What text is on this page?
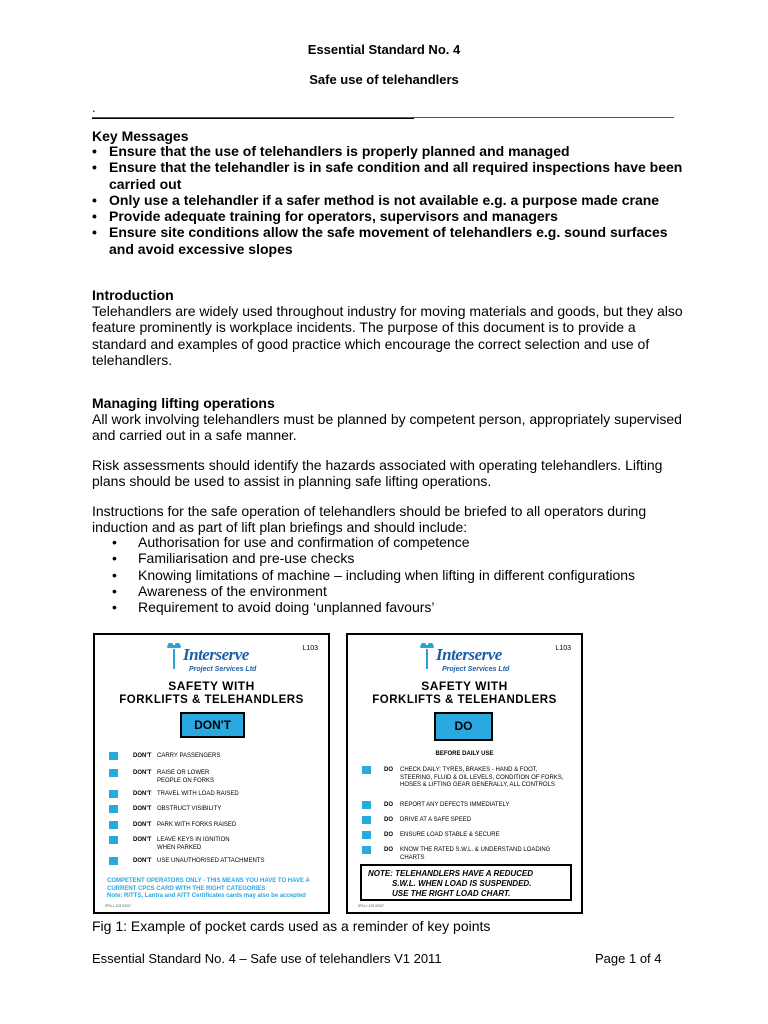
Essential Standard No. 4
Safe use of telehandlers
.
Key Messages
• Ensure that the use of telehandlers is properly planned and managed
• Ensure that the telehandler is in safe condition and all required inspections have been carried out
• Only use a telehandler if a safer method is not available e.g. a purpose made crane
• Provide adequate training for operators, supervisors and managers
• Ensure site conditions allow the safe movement of telehandlers e.g. sound surfaces and avoid excessive slopes
Introduction
Telehandlers are widely used throughout industry for moving materials and goods, but they also feature prominently is workplace incidents. The purpose of this document is to provide a standard and examples of good practice which encourage the correct selection and use of telehandlers.
Managing lifting operations
All work involving telehandlers must be planned by competent person, appropriately supervised and carried out in a safe manner.
Risk assessments should identify the hazards associated with operating telehandlers. Lifting plans should be used to assist in planning safe lifting operations.
Instructions for the safe operation of telehandlers should be briefed to all operators during induction and as part of lift plan briefings and should include:
• Authorisation for use and confirmation of competence
• Familiarisation and pre-use checks
• Knowing limitations of machine – including when lifting in different configurations
• Awareness of the environment
• Requirement to avoid doing ‘unplanned favours’
L103
Interserve
Project Services Ltd
SAFETY WITH
FORKLIFTS & TELEHANDLERS
DON'T
DON'T CARRY PASSENGERS
DON'T RAISE OR LOWER PEOPLE ON FORKS
DON'T TRAVEL WITH LOAD RAISED
DON'T OBSTRUCT VISIBILITY
DON'T PARK WITH FORKS RAISED
DON'T LEAVE KEYS IN IGNITION WHEN PARKED
DON'T USE UNAUTHORISED ATTACHMENTS
COMPETENT OPERATORS ONLY - THIS MEANS YOU HAVE TO HAVE A CURRENT CPCS CARD WITH THE RIGHT CATEGORIES
Note: RITTS, Lantra and AITT Certificates cards may also be accepted
IPSL L103 02/07
L103
Interserve
Project Services Ltd
SAFETY WITH
FORKLIFTS & TELEHANDLERS
DO
BEFORE DAILY USE
DO CHECK DAILY: TYRES, BRAKES - HAND & FOOT, STEERING, FLUID & OIL LEVELS, CONDITION OF FORKS, HOSES & LIFTING GEAR GENERALLY, ALL CONTROLS
DO REPORT ANY DEFECTS IMMEDIATELY
DO DRIVE AT A SAFE SPEED
DO ENSURE LOAD STABLE & SECURE
DO KNOW THE RATED S.W.L. & UNDERSTAND LOADING CHARTS
NOTE: TELEHANDLERS HAVE A REDUCED
S.W.L. WHEN LOAD IS SUSPENDED.
USE THE RIGHT LOAD CHART.
IPSL L103 02/07
Fig 1: Example of pocket cards used as a reminder of key points
Essential Standard No. 4 – Safe use of telehandlers V1 2011	Page 1 of 4
